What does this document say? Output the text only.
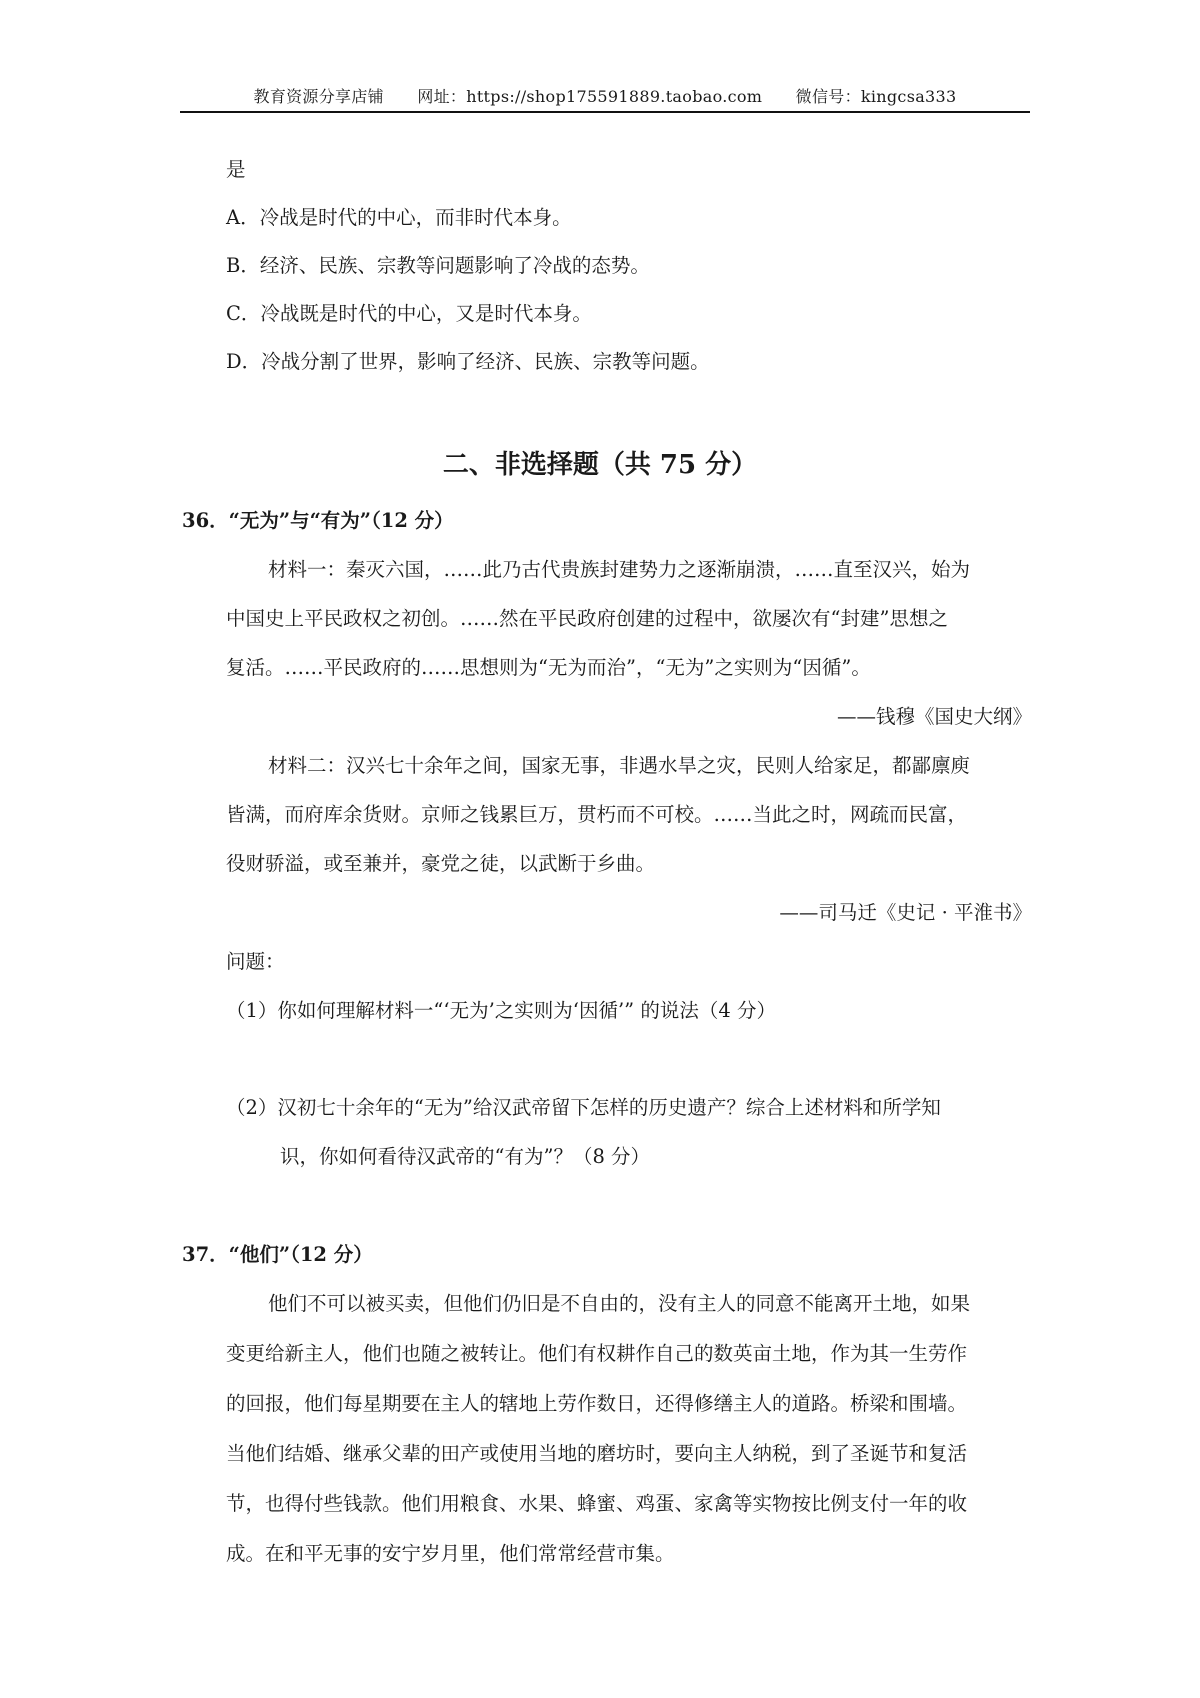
教育资源分享店铺 网址：https://shop175591889.taobao.com 微信号：kingcsa333
是
A．冷战是时代的中心，而非时代本身。
B．经济、民族、宗教等问题影响了冷战的态势。
C．冷战既是时代的中心，又是时代本身。
D．冷战分割了世界，影响了经济、民族、宗教等问题。
二、非选择题（共 75 分）
36．“无为”与“有为”（12 分）
材料一：秦灭六国，……此乃古代贵族封建势力之逐渐崩溃，……直至汉兴，始为
中国史上平民政权之初创。……然在平民政府创建的过程中，欲屡次有“封建”思想之
复活。……平民政府的……思想则为“无为而治”，“无为”之实则为“因循”。
——钱穆《国史大纲》
材料二：汉兴七十余年之间，国家无事，非遇水旱之灾，民则人给家足，都鄙廪庾
皆满，而府库余货财。京师之钱累巨万，贯朽而不可校。……当此之时，网疏而民富，
役财骄溢，或至兼并，豪党之徒，以武断于乡曲。
——司马迁《史记 · 平淮书》
问题：
（1）你如何理解材料一“‘无为’之实则为‘因循’” 的说法（4 分）
（2）汉初七十余年的“无为”给汉武帝留下怎样的历史遗产？综合上述材料和所学知
识，你如何看待汉武帝的“有为”？（8 分）
37．“他们”（12 分）
他们不可以被买卖，但他们仍旧是不自由的，没有主人的同意不能离开土地，如果
变更给新主人，他们也随之被转让。他们有权耕作自己的数英亩土地，作为其一生劳作
的回报，他们每星期要在主人的辖地上劳作数日，还得修缮主人的道路。桥梁和围墙。
当他们结婚、继承父辈的田产或使用当地的磨坊时，要向主人纳税，到了圣诞节和复活
节，也得付些钱款。他们用粮食、水果、蜂蜜、鸡蛋、家禽等实物按比例支付一年的收
成。在和平无事的安宁岁月里，他们常常经营市集。
